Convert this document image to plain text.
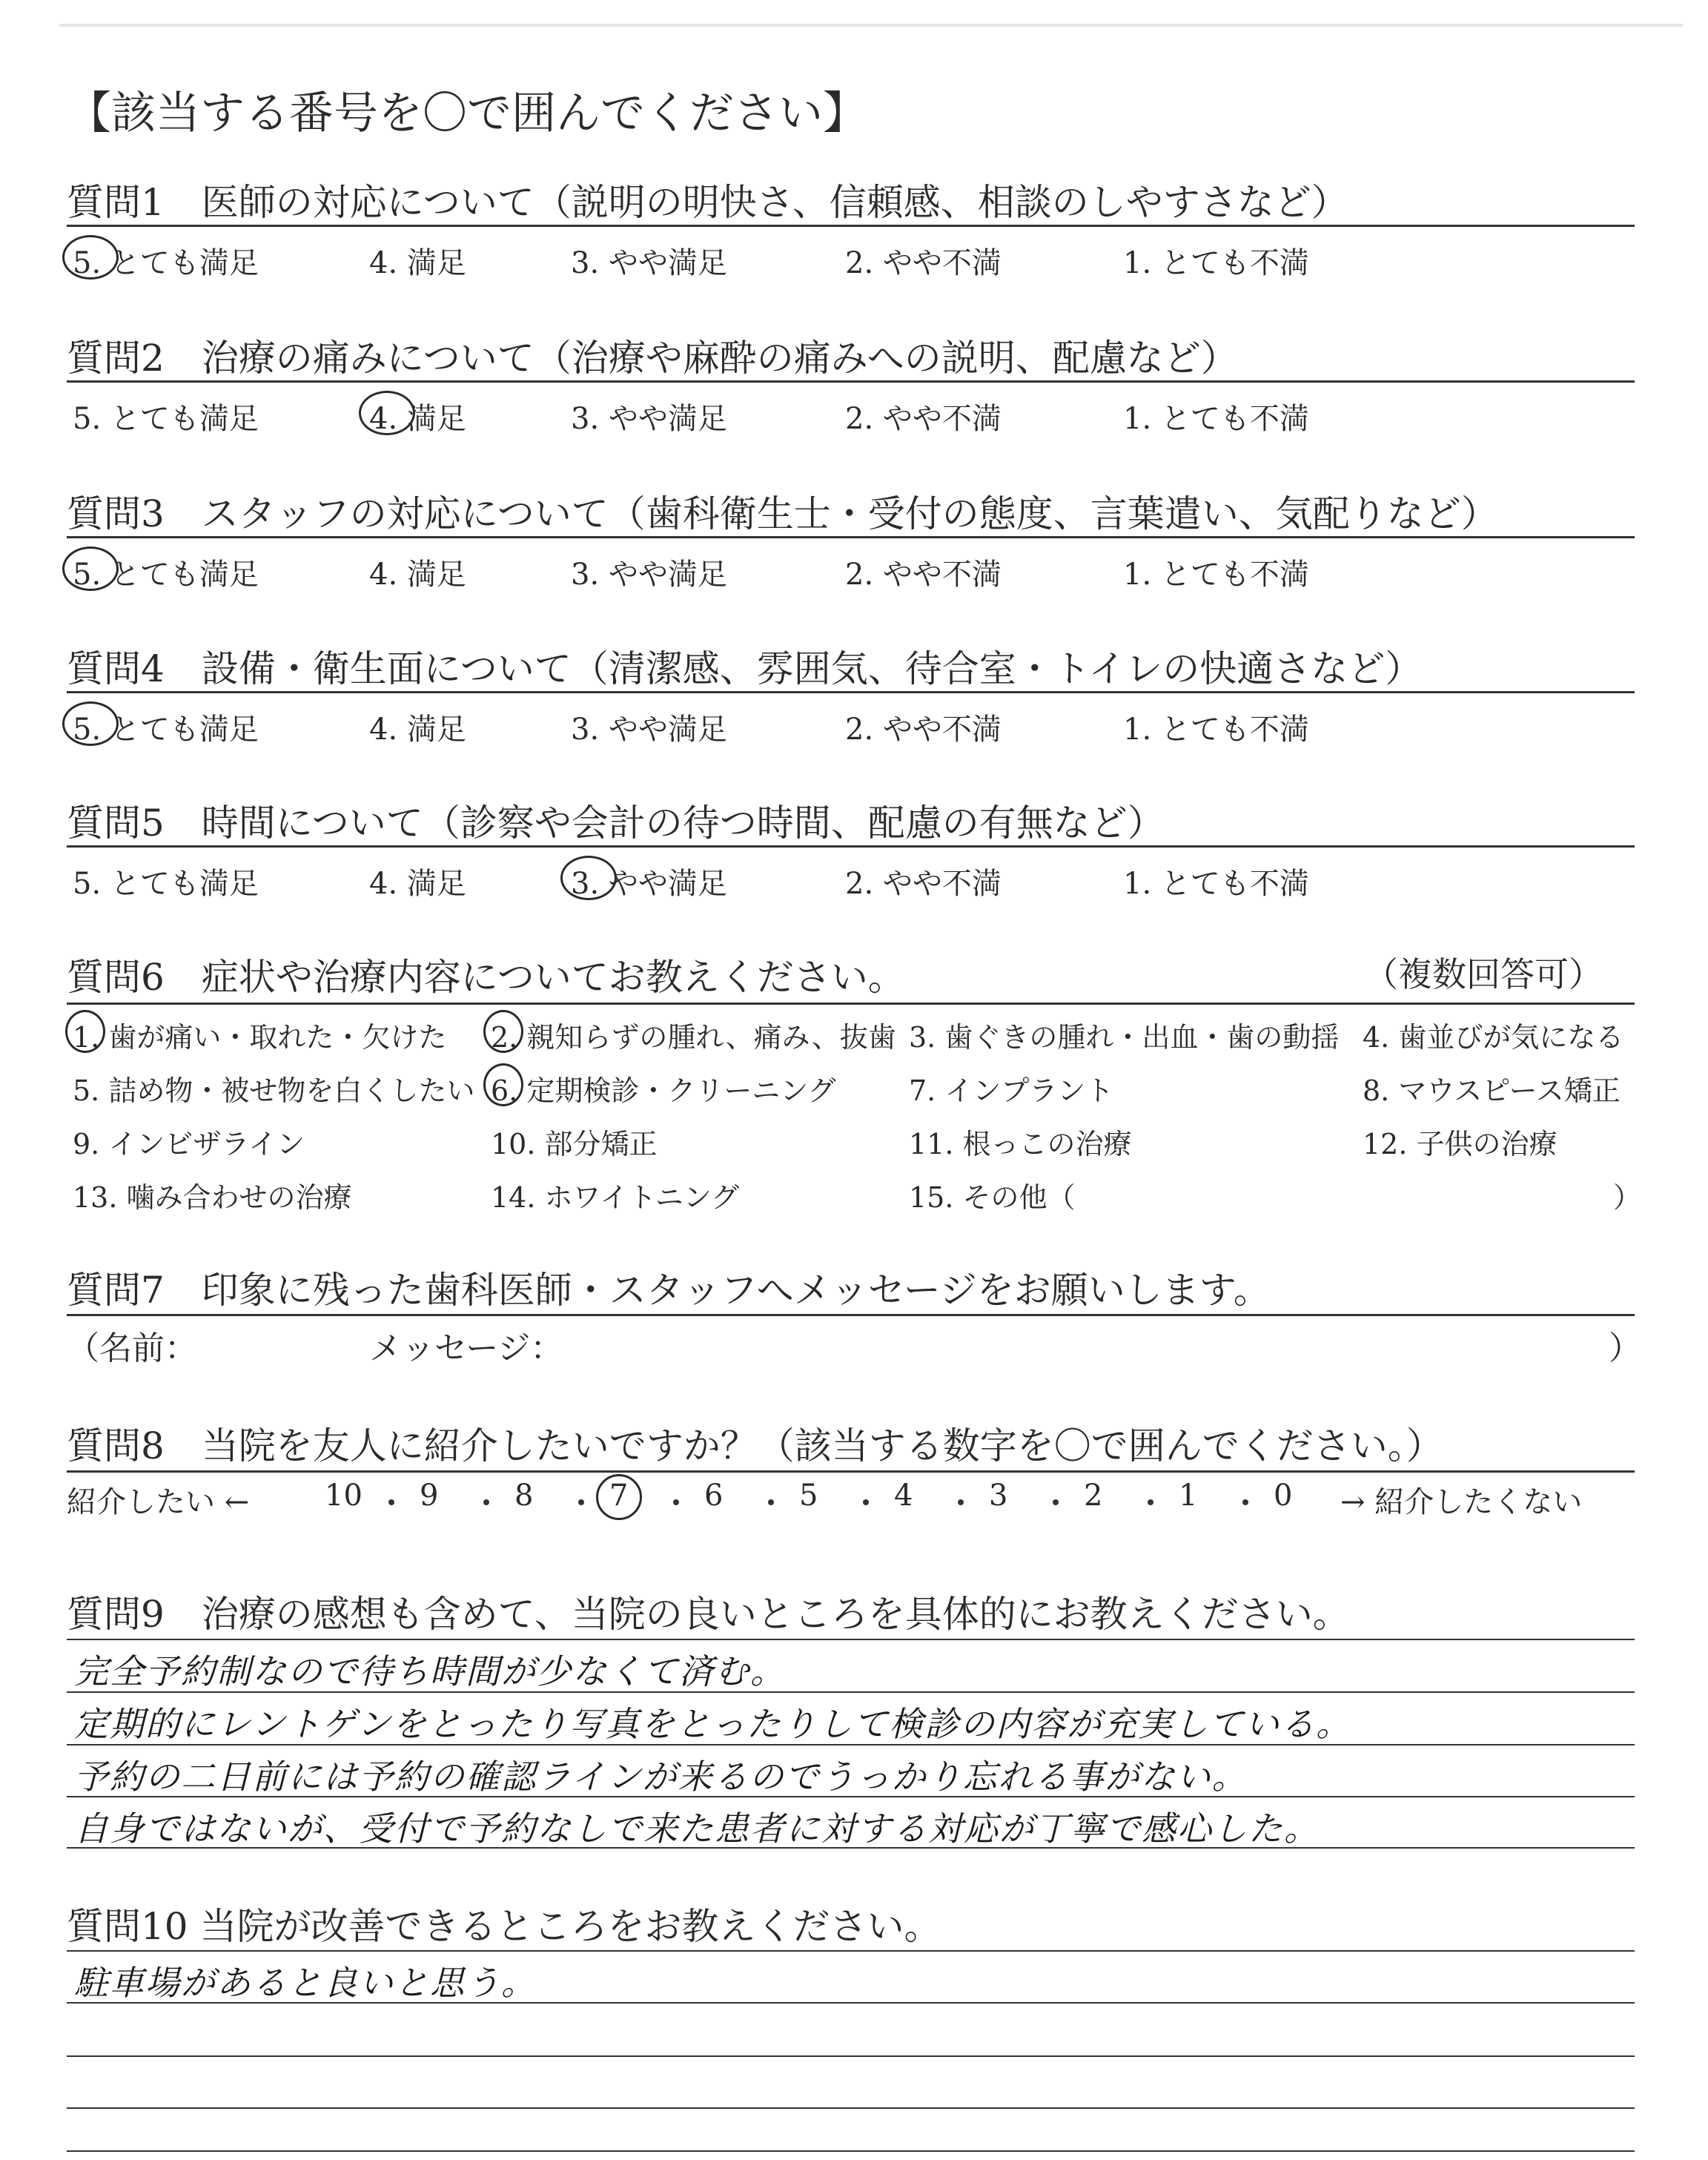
【該当する番号を〇で囲んでください】
質問1　医師の対応について（説明の明快さ、信頼感、相談のしやすさなど）
5. とても満足	4. 満足	3. やや満足	2. やや不満	1. とても不満
質問2　治療の痛みについて（治療や麻酔の痛みへの説明、配慮など）
5. とても満足	4. 満足	3. やや満足	2. やや不満	1. とても不満
質問3　スタッフの対応について（歯科衛生士・受付の態度、言葉遣い、気配りなど）
5. とても満足	4. 満足	3. やや満足	2. やや不満	1. とても不満
質問4　設備・衛生面について（清潔感、雰囲気、待合室・トイレの快適さなど）
5. とても満足	4. 満足	3. やや満足	2. やや不満	1. とても不満
質問5　時間について（診察や会計の待つ時間、配慮の有無など）
5. とても満足	4. 満足	3. やや満足	2. やや不満	1. とても不満
質問6　症状や治療内容についてお教えください。	（複数回答可）
1. 歯が痛い・取れた・欠けた 2. 親知らずの腫れ、痛み、抜歯 3. 歯ぐきの腫れ・出血・歯の動揺 4. 歯並びが気になる
5. 詰め物・被せ物を白くしたい 6. 定期検診・クリーニング	7. インプラント	8. マウスピース矯正
9. インビザライン	10. 部分矯正	11. 根っこの治療	12. 子供の治療
13. 噛み合わせの治療	14. ホワイトニング	15. その他（	）
質問7　印象に残った歯科医師・スタッフへメッセージをお願いします。
（名前：	メッセージ：	）
質問8　当院を友人に紹介したいですか？（該当する数字を〇で囲んでください。）
紹介したい ←	→ 紹介したくない
10 9	8	7	6	5	4	3	2	1	0
質問9　治療の感想も含めて、当院の良いところを具体的にお教えください。
完全予約制なので待ち時間が少なくて済む。
定期的にレントゲンをとったり写真をとったりして検診の内容が充実している。
予約の二日前には予約の確認ラインが来るのでうっかり忘れる事がない。
自身ではないが、受付で予約なしで来た患者に対する対応が丁寧で感心した。
質問10 当院が改善できるところをお教えください。
駐車場があると良いと思う。
